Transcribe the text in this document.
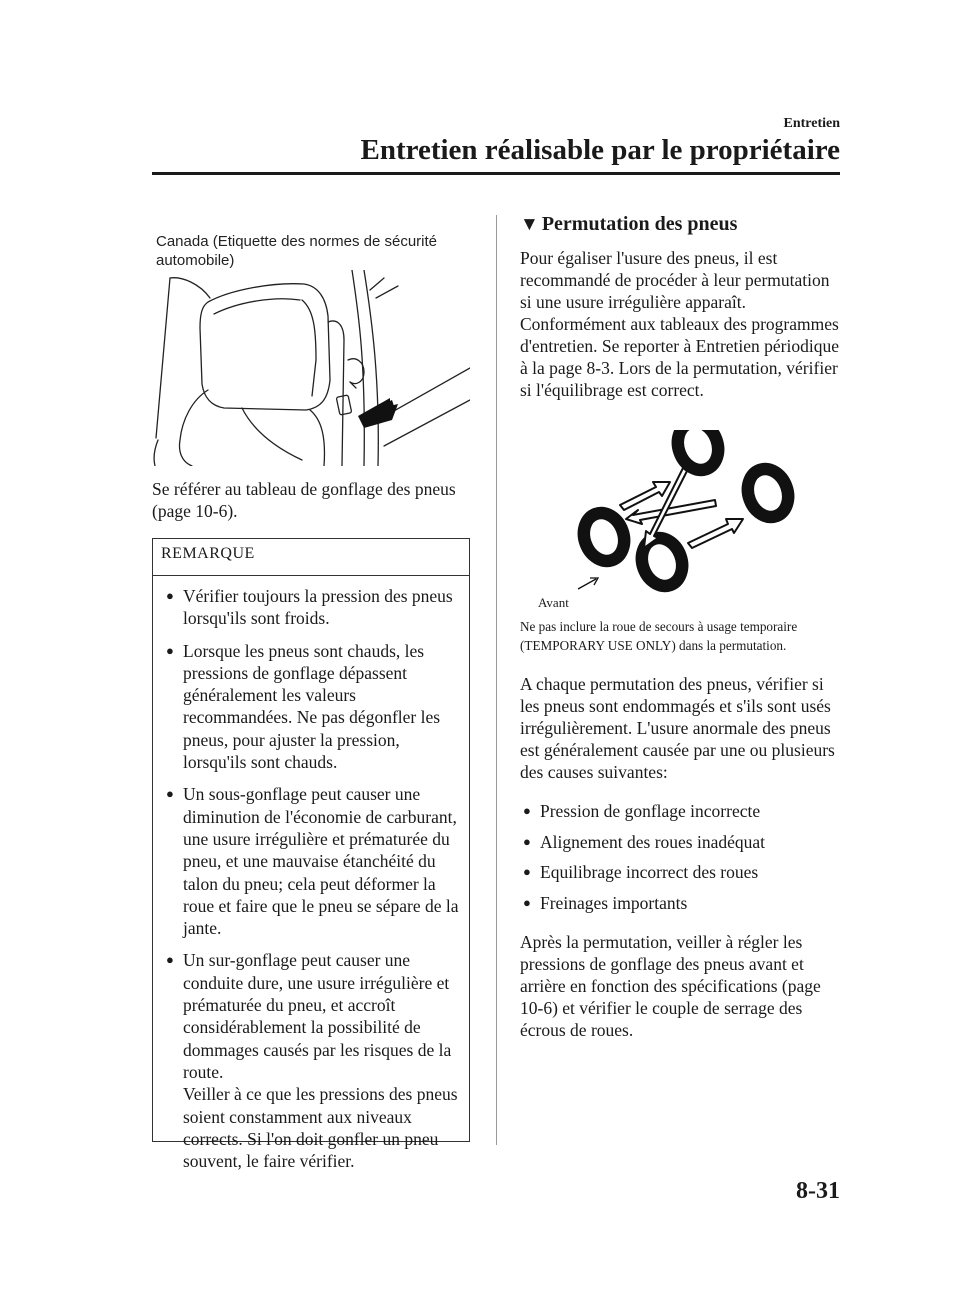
Entretien
Entretien réalisable par le propriétaire
Canada (Etiquette des normes de sécurité automobile)
Se référer au tableau de gonflage des pneus (page 10-6).
REMARQUE
● Vérifier toujours la pression des pneus lorsqu'ils sont froids.
● Lorsque les pneus sont chauds, les pressions de gonflage dépassent généralement les valeurs recommandées. Ne pas dégonfler les pneus, pour ajuster la pression, lorsqu'ils sont chauds.
● Un sous-gonflage peut causer une diminution de l'économie de carburant, une usure irrégulière et prématurée du pneu, et une mauvaise étanchéité du talon du pneu; cela peut déformer la roue et faire que le pneu se sépare de la jante.
● Un sur-gonflage peut causer une conduite dure, une usure irrégulière et prématurée du pneu, et accroît considérablement la possibilité de dommages causés par les risques de la route.
Veiller à ce que les pressions des pneus soient constamment aux niveaux corrects. Si l'on doit gonfler un pneu souvent, le faire vérifier.
▼ Permutation des pneus
Pour égaliser l'usure des pneus, il est recommandé de procéder à leur permutation si une usure irrégulière apparaît. Conformément aux tableaux des programmes d'entretien. Se reporter à Entretien périodique à la page 8-3. Lors de la permutation, vérifier si l'équilibrage est correct.
Avant
Ne pas inclure la roue de secours à usage temporaire (TEMPORARY USE ONLY) dans la permutation.
A chaque permutation des pneus, vérifier si les pneus sont endommagés et s'ils sont usés irrégulièrement. L'usure anormale des pneus est généralement causée par une ou plusieurs des causes suivantes:
● Pression de gonflage incorrecte
● Alignement des roues inadéquat
● Equilibrage incorrect des roues
● Freinages importants
Après la permutation, veiller à régler les pressions de gonflage des pneus avant et arrière en fonction des spécifications (page 10-6) et vérifier le couple de serrage des écrous de roues.
8-31
